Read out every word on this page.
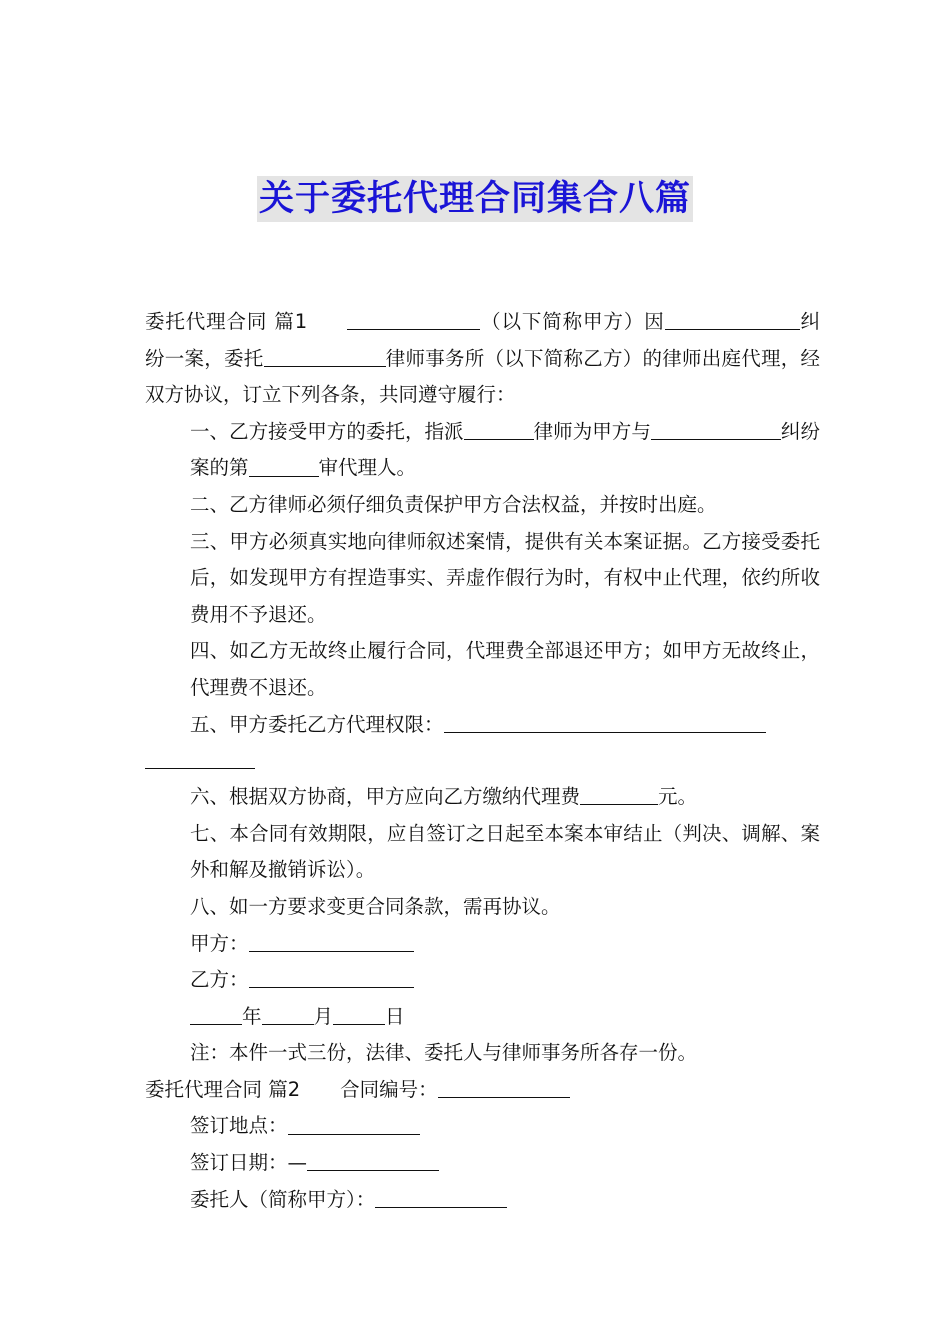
关于委托代理合同集合八篇

委托代理合同 篇1	（以下简称甲方）因	纠纷一案，委托	律师事务所（以下简称乙方）的律师出庭代理，经双方协议，订立下列各条，共同遵守履行：

一、乙方接受甲方的委托，指派	律师为甲方与	纠纷案的第	审代理人。

二、乙方律师必须仔细负责保护甲方合法权益，并按时出庭。

三、甲方必须真实地向律师叙述案情，提供有关本案证据。乙方接受委托后，如发现甲方有捏造事实、弄虚作假行为时，有权中止代理，依约所收费用不予退还。

四、如乙方无故终止履行合同，代理费全部退还甲方；如甲方无故终止，代理费不退还。

五、甲方委托乙方代理权限：

六、根据双方协商，甲方应向乙方缴纳代理费	元。

七、本合同有效期限，应自签订之日起至本案本审结止（判决、调解、案外和解及撤销诉讼）。

八、如一方要求变更合同条款，需再协议。

甲方：

乙方：

年	月	日

注：本件一式三份，法律、委托人与律师事务所各存一份。

委托代理合同 篇2 合同编号：

签订地点：

签订日期：—

委托人（简称甲方）：
